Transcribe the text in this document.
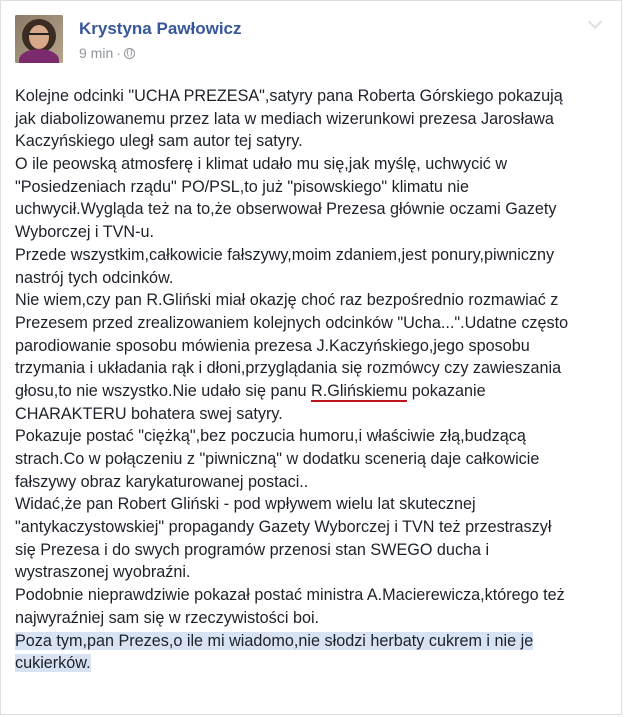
Krystyna Pawłowicz
9 min ·
Kolejne odcinki "UCHA PREZESA",satyry pana Roberta Górskiego pokazują
jak diabolizowanemu przez lata w mediach wizerunkowi prezesa Jarosława
Kaczyńskiego uległ sam autor tej satyry.
O ile peowską atmosferę i klimat udało mu się,jak myślę, uchwycić w
"Posiedzeniach rządu" PO/PSL,to już "pisowskiego" klimatu nie
uchwycił.Wygląda też na to,że obserwował Prezesa głównie oczami Gazety
Wyborczej i TVN-u.
Przede wszystkim,całkowicie fałszywy,moim zdaniem,jest ponury,piwniczny
nastrój tych odcinków.
Nie wiem,czy pan R.Gliński miał okazję choć raz bezpośrednio rozmawiać z
Prezesem przed zrealizowaniem kolejnych odcinków "Ucha...".Udatne często
parodiowanie sposobu mówienia prezesa J.Kaczyńskiego,jego sposobu
trzymania i układania rąk i dłoni,przyglądania się rozmówcy czy zawieszania
głosu,to nie wszystko.Nie udało się panu R.Glińskiemu pokazanie
CHARAKTERU bohatera swej satyry.
Pokazuje postać "ciężką",bez poczucia humoru,i właściwie złą,budzącą
strach.Co w połączeniu z "piwniczną" w dodatku scenerią daje całkowicie
fałszywy obraz karykaturowanej postaci..
Widać,że pan Robert Gliński - pod wpływem wielu lat skutecznej
"antykaczystowskiej" propagandy Gazety Wyborczej i TVN też przestraszył
się Prezesa i do swych programów przenosi stan SWEGO ducha i
wystraszonej wyobraźni.
Podobnie nieprawdziwie pokazał postać ministra A.Macierewicza,którego też
najwyraźniej sam się w rzeczywistości boi.
Poza tym,pan Prezes,o ile mi wiadomo,nie słodzi herbaty cukrem i nie je
cukierków.
